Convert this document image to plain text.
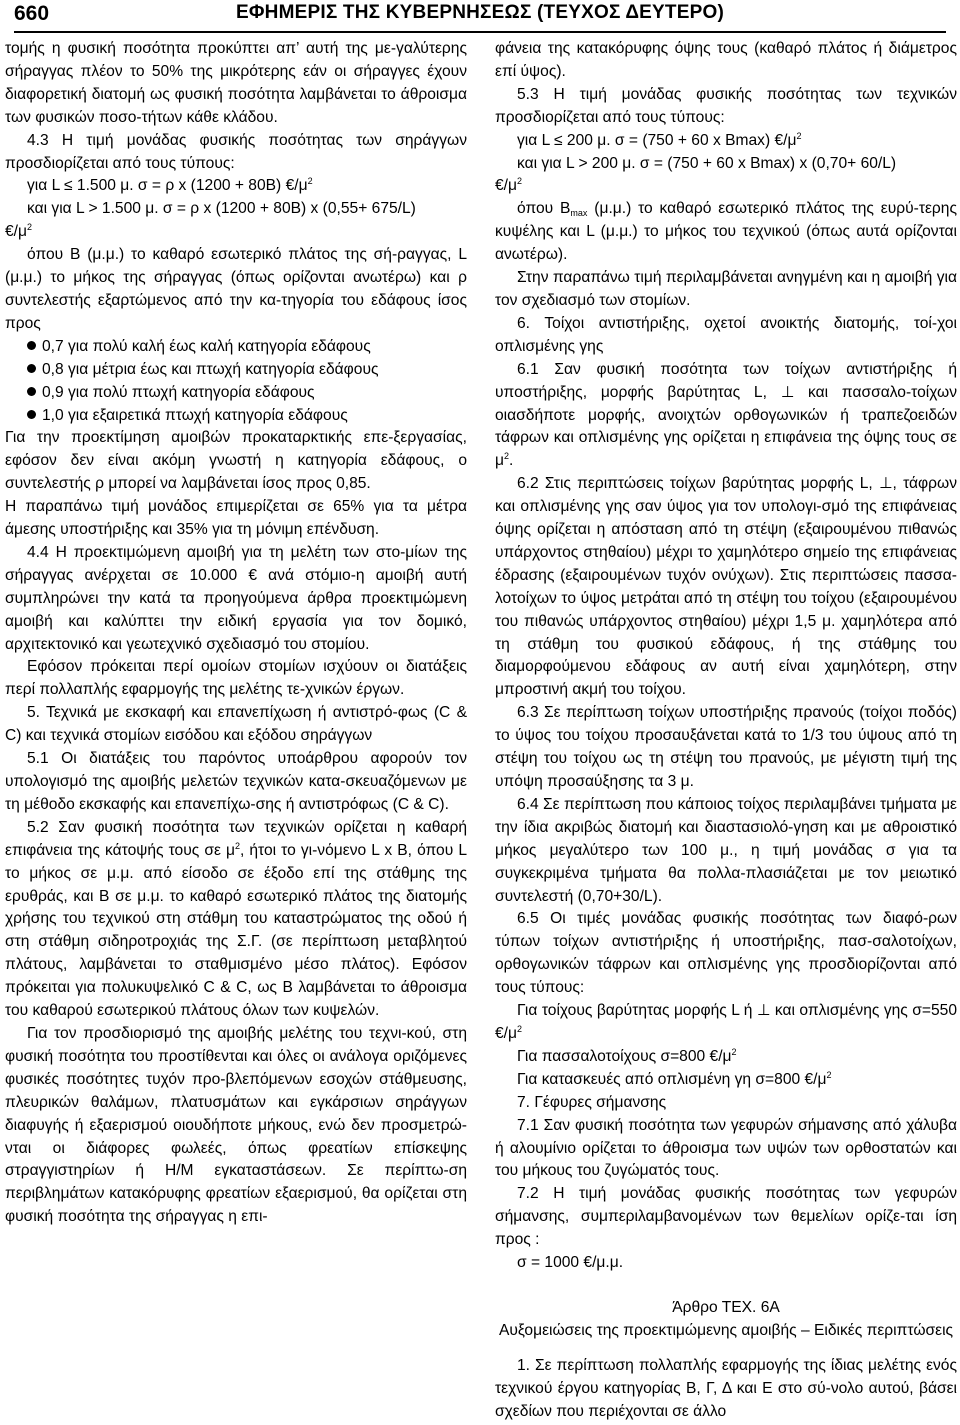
660	ΕΦΗΜΕΡΙΣ ΤΗΣ ΚΥΒΕΡΝΗΣΕΩΣ (ΤΕΥΧΟΣ ΔΕΥΤΕΡΟ)

τομής η φυσική ποσότητα προκύπτει απ’ αυτή της με-γαλύτερης σήραγγας πλέον το 50% της μικρότερης εάν οι σήραγγες έχουν διαφορετική διατομή ως φυσική ποσότητα λαμβάνεται το άθροισμα των φυσικών ποσο-τήτων κάθε κλάδου.

4.3 Η τιμή μονάδας φυσικής ποσότητας των σηράγγων προσδιορίζεται από τους τύπους:

για L ≤ 1.500 μ. σ = ρ x (1200 + 80B) $€/\mu^2$

και για L > 1.500 μ. σ = ρ x (1200 + 80B) x (0,55+ 675/L)

$€/\mu^2$

όπου Β (μ.μ.) το καθαρό εσωτερικό πλάτος της σή-ραγγας, L (μ.μ.) το μήκος της σήραγγας (όπως ορίζονται ανωτέρω) και ρ συντελεστής εξαρτώμενος από την κα-τηγορία του εδάφους ίσος προς

0,7 για πολύ καλή έως καλή κατηγορία εδάφους

0,8 για μέτρια έως και πτωχή κατηγορία εδάφους

0,9 για πολύ πτωχή κατηγορία εδάφους

1,0 για εξαιρετικά πτωχή κατηγορία εδάφους

Για την προεκτίμηση αμοιβών προκαταρκτικής επε-ξεργασίας, εφόσον δεν είναι ακόμη γνωστή η κατηγορία εδάφους, ο συντελεστής ρ μπορεί να λαμβάνεται ίσος προς 0,85.

Η παραπάνω τιμή μονάδος επιμερίζεται σε 65% για τα μέτρα άμεσης υποστήριξης και 35% για τη μόνιμη επένδυση.

4.4 Η προεκτιμώμενη αμοιβή για τη μελέτη των στο-μίων της σήραγγας ανέρχεται σε 10.000 € ανά στόμιο-η αμοιβή αυτή συμπληρώνει την κατά τα προηγούμενα άρθρα προεκτιμώμενη αμοιβή και καλύπτει την ειδική εργασία για τον δομικό, αρχιτεκτονικό και γεωτεχνικό σχεδιασμό του στομίου.

Εφόσον πρόκειται περί ομοίων στομίων ισχύουν οι διατάξεις περί πολλαπλής εφαρμογής της μελέτης τε-χνικών έργων.

5. Τεχνικά με εκσκαφή και επανεπίχωση ή αντιστρό-φως (C & C) και τεχνικά στομίων εισόδου και εξόδου σηράγγων

5.1 Οι διατάξεις του παρόντος υποάρθρου αφορούν τον υπολογισμό της αμοιβής μελετών τεχνικών κατα-σκευαζόμενων με τη μέθοδο εκσκαφής και επανεπίχω-σης ή αντιστρόφως (C & C).

5.2 Σαν φυσική ποσότητα των τεχνικών ορίζεται η καθαρή επιφάνεια της κάτοψής τους σε $\mu^2$, ήτοι το γι-νόμενο L x B, όπου L το μήκος σε μ.μ. από είσοδο σε έξοδο επί της στάθμης της ερυθράς, και Β σε μ.μ. το καθαρό εσωτερικό πλάτος της διατομής χρήσης του τεχνικού στη στάθμη του καταστρώματος της οδού ή στη στάθμη σιδηροτροχιάς της Σ.Γ. (σε περίπτωση μεταβλητού πλάτους, λαμβάνεται το σταθμισμένο μέσο πλάτος). Εφόσον πρόκειται για πολυκυψελικό C & C, ως Β λαμβάνεται το άθροισμα του καθαρού εσωτερικού πλάτους όλων των κυψελών.

Για τον προσδιορισμό της αμοιβής μελέτης του τεχνι-κού, στη φυσική ποσότητα του προστίθενται και όλες οι ανάλογα οριζόμενες φυσικές ποσότητες τυχόν προ-βλεπόμενων εσοχών στάθμευσης, πλευρικών θαλάμων, πλατυσμάτων και εγκάρσιων σηράγγων διαφυγής ή εξαερισμού οιουδήποτε μήκους, ενώ δεν προσμετρώ-νται οι διάφορες φωλεές, όπως φρεατίων επίσκεψης στραγγιστηρίων ή Η/Μ εγκαταστάσεων. Σε περίπτω-ση περιβλημάτων κατακόρυφης φρεατίων εξαερισμού, θα ορίζεται στη φυσική ποσότητα της σήραγγας η επι-

φάνεια της κατακόρυφης όψης τους (καθαρό πλάτος ή διάμετρος επί ύψος).

5.3 Η τιμή μονάδας φυσικής ποσότητας των τεχνικών προσδιορίζεται από τους τύπους:

για L ≤ 200 μ. σ = (750 + 60 x Bmax) $€/\mu^2$

και για L > 200 μ. σ = (750 + 60 x Bmax) x (0,70+ 60/L)

$€/\mu^2$

όπου $B_{max}$ (μ.μ.) το καθαρό εσωτερικό πλάτος της ευρύ-τερης κυψέλης και L (μ.μ.) το μήκος του τεχνικού (όπως αυτά ορίζονται ανωτέρω).

Στην παραπάνω τιμή περιλαμβάνεται ανηγμένη και η αμοιβή για τον σχεδιασμό των στομίων.

6. Τοίχοι αντιστήριξης, οχετοί ανοικτής διατομής, τοί-χοι οπλισμένης γης

6.1 Σαν φυσική ποσότητα των τοίχων αντιστήριξης ή υποστήριξης, μορφής βαρύτητας L, ⊥ και πασσαλο-τοίχων οιασδήποτε μορφής, ανοιχτών ορθογωνικών ή τραπεζοειδών τάφρων και οπλισμένης γης ορίζεται η επιφάνεια της όψης τους σε $\mu^2$.

6.2 Στις περιπτώσεις τοίχων βαρύτητας μορφής L, ⊥, τάφρων και οπλισμένης γης σαν ύψος για τον υπολογι-σμό της επιφάνειας όψης ορίζεται η απόσταση από τη στέψη (εξαιρουμένου πιθανώς υπάρχοντος στηθαίου) μέχρι το χαμηλότερο σημείο της επιφάνειας έδρασης (εξαιρουμένων τυχόν ονύχων). Στις περιπτώσεις πασσα-λοτοίχων το ύψος μετράται από τη στέψη του τοίχου (εξαιρουμένου του πιθανώς υπάρχοντος στηθαίου) μέχρι 1,5 μ. χαμηλότερα από τη στάθμη του φυσικού εδάφους, ή της στάθμης του διαμορφούμενου εδάφους αν αυτή είναι χαμηλότερη, στην μπροστινή ακμή του τοίχου.

6.3 Σε περίπτωση τοίχων υποστήριξης πρανούς (τοίχοι ποδός) το ύψος του τοίχου προσαυξάνεται κατά το 1/3 του ύψους από τη στέψη του τοίχου ως τη στέψη του πρανούς, με μέγιστη τιμή της υπόψη προσαύξησης τα 3 μ.

6.4 Σε περίπτωση που κάποιος τοίχος περιλαμβάνει τμήματα με την ίδια ακριβώς διατομή και διαστασιολό-γηση και με αθροιστικό μήκος μεγαλύτερο των 100 μ., η τιμή μονάδας σ για τα συγκεκριμένα τμήματα θα πολλα-πλασιάζεται με τον μειωτικό συντελεστή (0,70+30/L).

6.5 Οι τιμές μονάδας φυσικής ποσότητας των διαφό-ρων τύπων τοίχων αντιστήριξης ή υποστήριξης, πασ-σαλοτοίχων, ορθογωνικών τάφρων και οπλισμένης γης προσδιορίζονται από τους τύπους:

Για τοίχους βαρύτητας μορφής L ή ⊥ και οπλισμένης γης σ=550 $€/\mu^2$

Για πασσαλοτοίχους σ=800 $€/\mu^2$

Για κατασκευές από οπλισμένη γη σ=800 $€/\mu^2$

7. Γέφυρες σήμανσης

7.1 Σαν φυσική ποσότητα των γεφυρών σήμανσης από χάλυβα ή αλουμίνιο ορίζεται το άθροισμα των υψών των ορθοστατών και του μήκους του ζυγώματός τους.

7.2 Η τιμή μονάδας φυσικής ποσότητας των γεφυρών σήμανσης, συμπεριλαμβανομένων των θεμελίων ορίζε-ται ίση προς :

σ = 1000 €/μ.μ.

Άρθρο ΤΕΧ. 6Α

Αυξομειώσεις της προεκτιμώμενης αμοιβής – Ειδικές περιπτώσεις

1. Σε περίπτωση πολλαπλής εφαρμογής της ίδιας μελέτης ενός τεχνικού έργου κατηγορίας Β, Γ, Δ και Ε στο σύ-νολο αυτού, βάσει σχεδίων που περιέχονται σε άλλο
